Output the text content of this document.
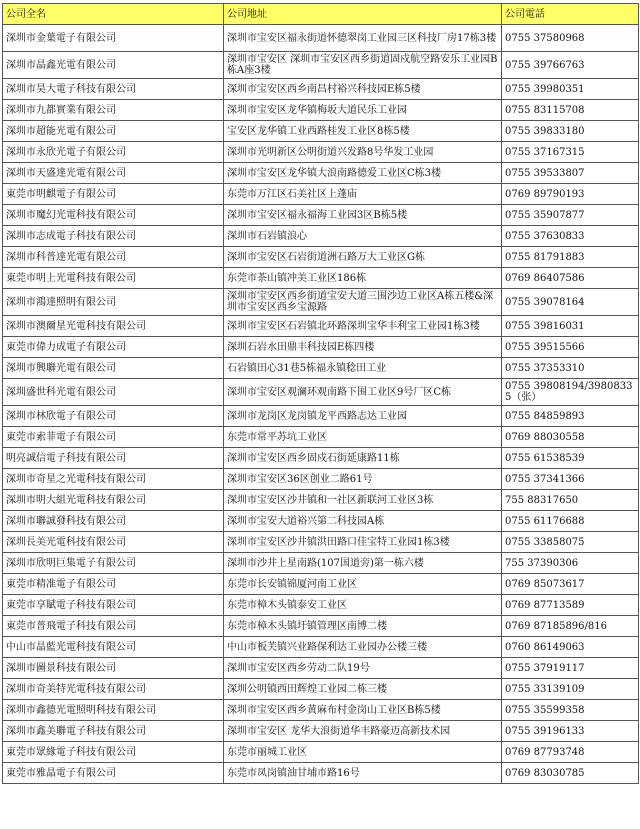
公司全名	公司地址	公司電話
深圳市金葉電子有限公司	深圳市宝安区福永街道怀德翠岗工业园三区科技厂房17栋3楼	0755 37580968
深圳市晶鑫光電有限公司	深圳市宝安区 深圳市宝安区西乡街道固戍航空路安乐工业园B栋A座3楼	0755 39766763
深圳市昊大電子科技有限公司	深圳市宝安区西乡南昌村裕兴科技园E栋5楼	0755 39980351
深圳市九都實業有限公司	深圳市宝安区龙华镇梅坂大道民乐工业园	0755 83115708
深圳市超能光電有限公司	宝安区龙华镇工业西路桂发工业区8栋5楼	0755 39833180
深圳市永欣光電子有限公司	深圳市光明新区公明街道兴发路8号华发工业园	0755 37167315
深圳市天盛達光電有限公司	深圳市宝安区龙华镇大浪南路德爱工业区C栋3楼	0755 39533807
東莞市明麒電子有限公司	东莞市万江区石美社区上蓬庙	0769 89790193
深圳市魔幻光電科技有限公司	深圳市宝安区福永福海工业园3区B栋5楼	0755 35907877
深圳市志成電子科技有限公司	深圳市石岩镇浪心	0755 37630833
深圳市科普達光電有限公司	深圳市宝安区石岩街道洲石路万大工业区G栋	0755 81791883
東莞市明上光電科技有限公司	东莞市茶山镇冲美工业区186栋	0769 86407586
深圳市鴻達照明有限公司	深圳市宝安区西乡街道宝安大道三围沙边工业区A栋五楼&深圳市宝安区西乡宝源路	0755 39078164
深圳市澳爾星光電科技有限公司	深圳市宝安区石岩镇北环路深圳宝华丰利宝工业园1栋3楼	0755 39816031
東莞市偉力成電子有限公司	深圳石岩水田鼎丰科技园E栋四楼	0755 39515566
深圳市興聯光電有限公司	石岩镇田心31巷5栋福永镇稔田工业	0755 37353310
深圳盛世科光電有限公司	深圳市宝安区观澜环观南路下围工业区9号厂区C栋	0755 39808194/39808335（张）
深圳市林欣電子有限公司	深圳市龙岗区龙岗镇龙平西路志达工业园	0755 84859893
東莞市索菲電子有限公司	东莞市常平苏坑工业区	0769 88030558
明亮誠信電子科技有限公司	深圳市宝安区西乡固戍石街延康路11栋	0755 61538539
深圳市奇星之光電科技有限公司	深圳市宝安区36区创业二路61号	0755 37341366
深圳市明大組光電科技有限公司	深圳市宝安区沙井镇和一社区新联河工业区3栋	755 88317650
深圳市聯誠發科技有限公司	深圳市宝安大道裕兴第二科技园A栋	0755 61176688
深圳長美光電科技有限公司	深圳市宝安区沙井镇洪田路口佳宝特工业园1栋3楼	0755 33858075
深圳市欣明巨集電子有限公司	深圳市沙井上星南路(107国道旁)第一栋六楼	755 37390306
東莞市精准電子有限公司	东莞市长安镇锦厦河南工业区	0769 85073617
東莞市享賦電子科技有限公司	东莞市樟木头镇泰安工业区	0769 87713589
東莞市普飛電子科技有限公司	东莞市樟木头镇圩镇管理区南博二楼	0769 87185896/816
中山市晶藍光電科技有限公司	中山市板芙镇兴业路保利达工业园办公楼三楼	0760 86149063
深圳市圖景科技有限公司	深圳市宝安区西乡劳动二队19号	0755 37919117
深圳市奇美特光電科技有限公司	深圳公明镇西田辉煌工业园二栋三楼	0755 33139109
深圳市鑫德光電照明科技有限公司	深圳市宝安区西乡黄麻布村金岗山工业区B栋5楼	0755 35599358
深圳市鑫美聯電子科技有限公司	深圳市宝安区 龙华大浪街道华丰路豪迈高新技术园	0755 39196133
東莞市眾緣電子科技有限公司	东莞市丽城工业区	0769 87793748
東莞市雅晶電子有限公司	东莞市凤岗镇油甘埔市路16号	0769 83030785
